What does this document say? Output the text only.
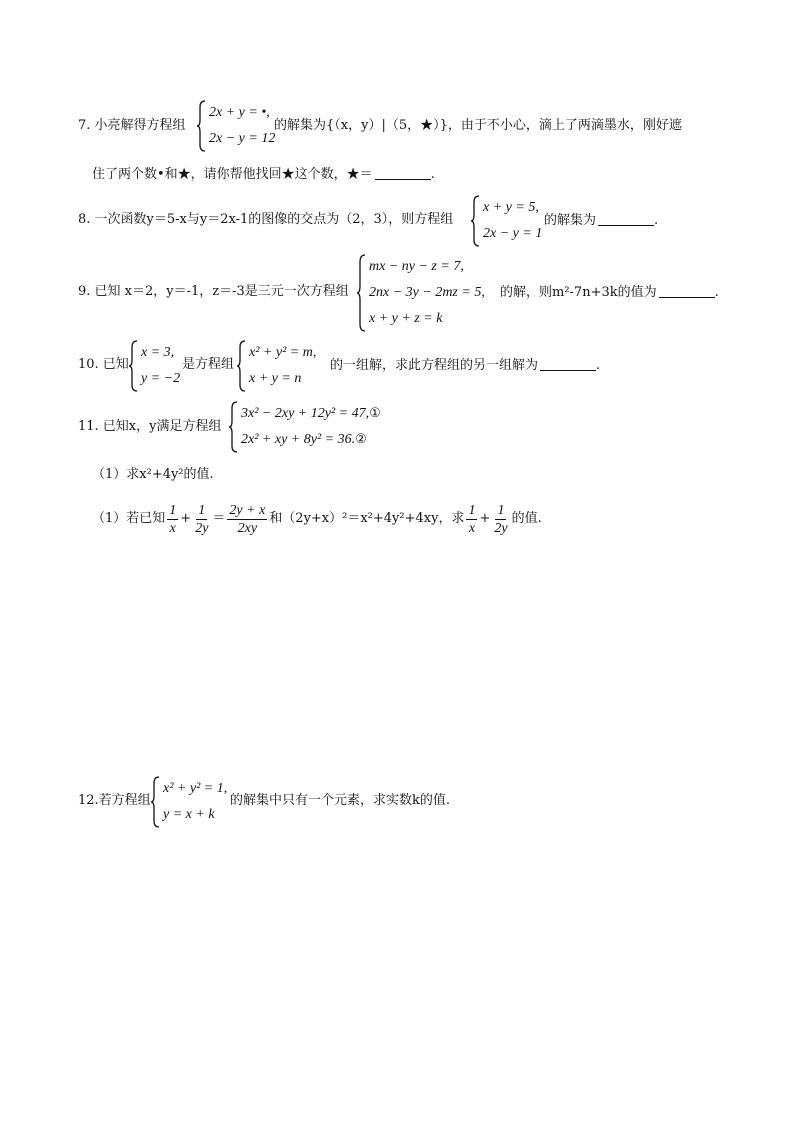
7. 小亮解得方程组
2x + y = •,
2x − y = 12
的解集为{（x，y）|（5，★）}，由于不小心，滴上了两滴墨水，刚好遮
住了两个数•和★，请你帮他找回★这个数，★＝	.
8. 一次函数y＝5-x与y＝2x-1的图像的交点为（2，3），则方程组
x + y = 5,
2x − y = 1
的解集为	.
9. 已知 x＝2，y＝-1，z＝-3是三元一次方程组
mx − ny − z = 7,
2nx − 3y − 2mz = 5,
x + y + z = k
的解，则m²-7n+3k的值为	.
10. 已知
x = 3,
y = −2
是方程组
x² + y² = m,
x + y = n
的一组解，求此方程组的另一组解为	.
11. 已知x，y满足方程组
3x² − 2xy + 12y² = 47,①
2x² + xy + 8y² = 36.②
（1）求x²+4y²的值.
（1）若已知 $\frac{1}{x} + \frac{1}{2y} = \frac{2y + x}{2xy}$ 和（2y+x）²＝x²+4y²+4xy，求 $\frac{1}{x} + \frac{1}{2y}$ 的值.
12.若方程组
x² + y² = 1,
y = x + k
的解集中只有一个元素，求实数k的值.
